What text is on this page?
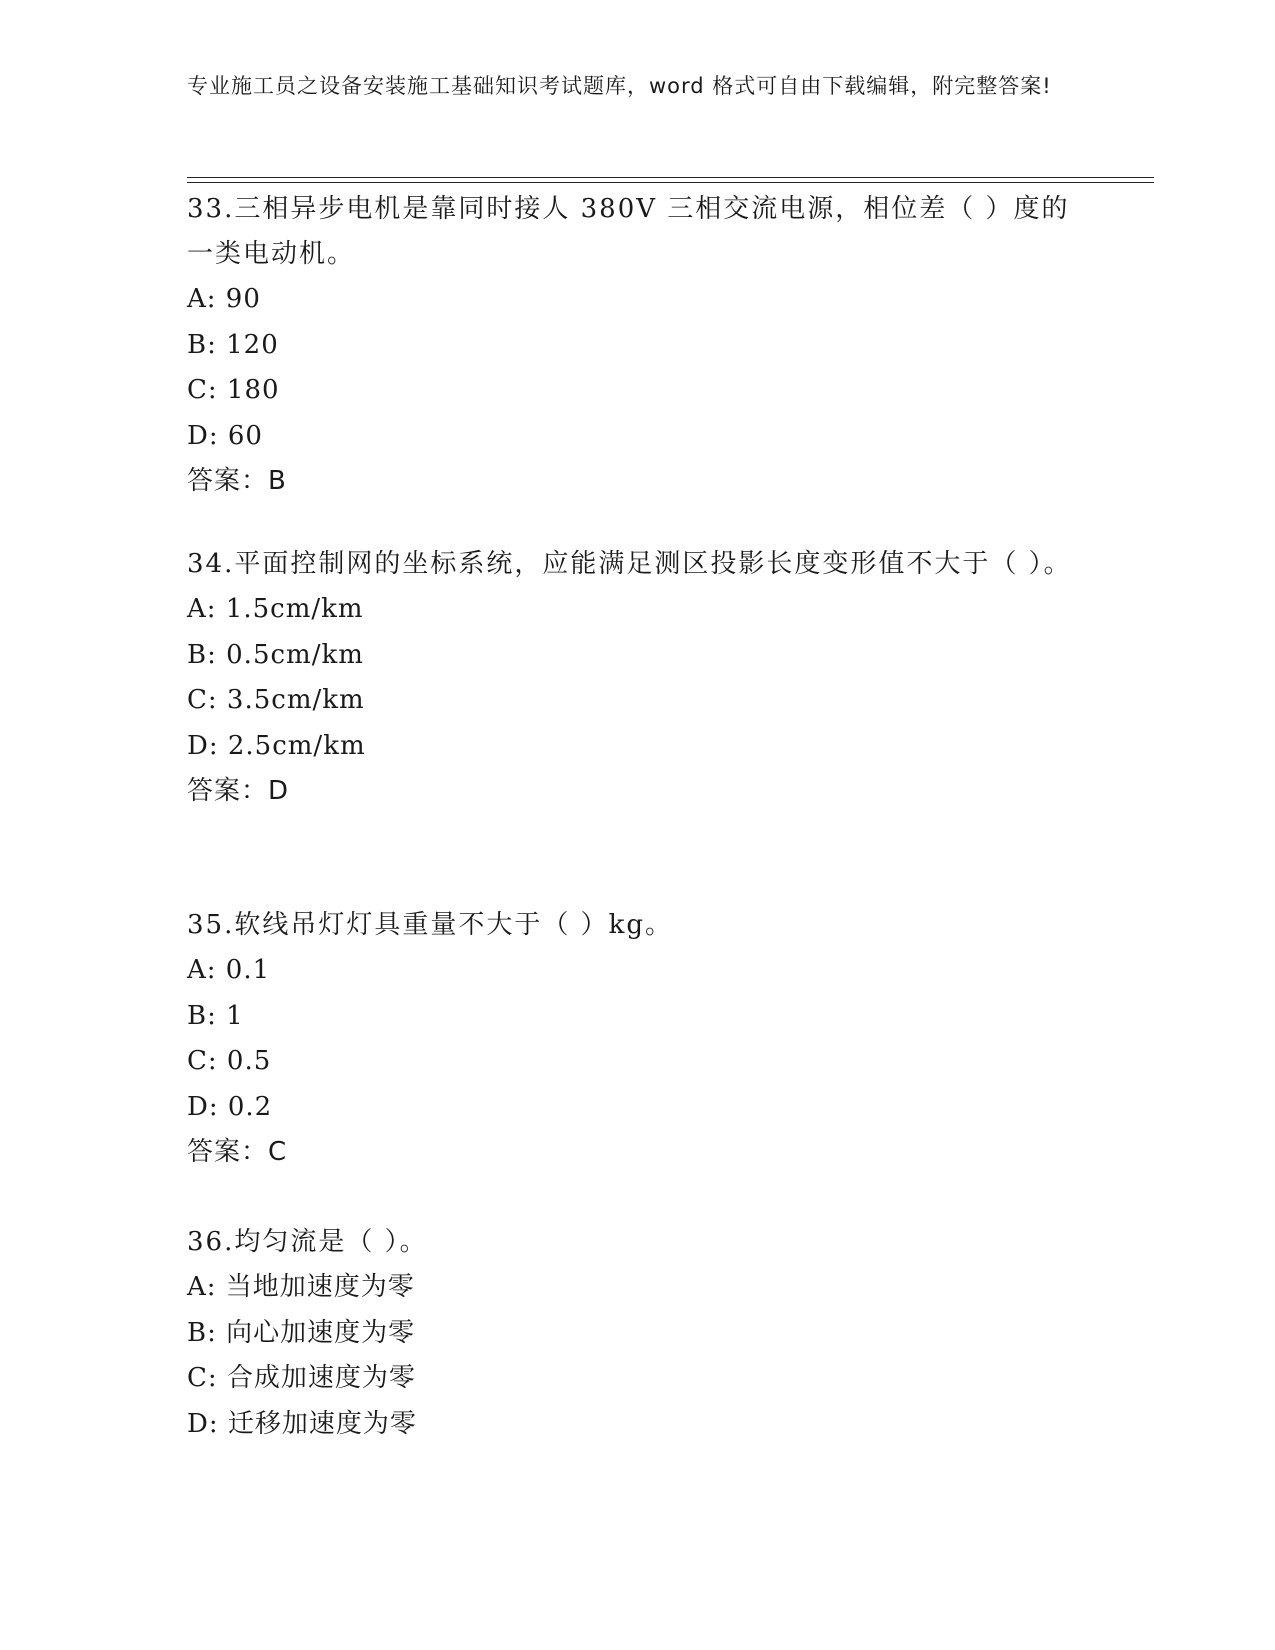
专业施工员之设备安装施工基础知识考试题库，word 格式可自由下载编辑，附完整答案!

33.三相异步电机是靠同时接人 380V 三相交流电源，相位差（ ）度的一类电动机。

A: 90

B: 120

C: 180

D: 60

答案：B

34.平面控制网的坐标系统，应能满足测区投影长度变形值不大于（ ）。

A: 1.5cm/km

B: 0.5cm/km

C: 3.5cm/km

D: 2.5cm/km

答案：D

35.软线吊灯灯具重量不大于（ ）kg。

A: 0.1

B: 1

C: 0.5

D: 0.2

答案：C

36.均匀流是（ ）。

A: 当地加速度为零

B: 向心加速度为零

C: 合成加速度为零

D: 迁移加速度为零
